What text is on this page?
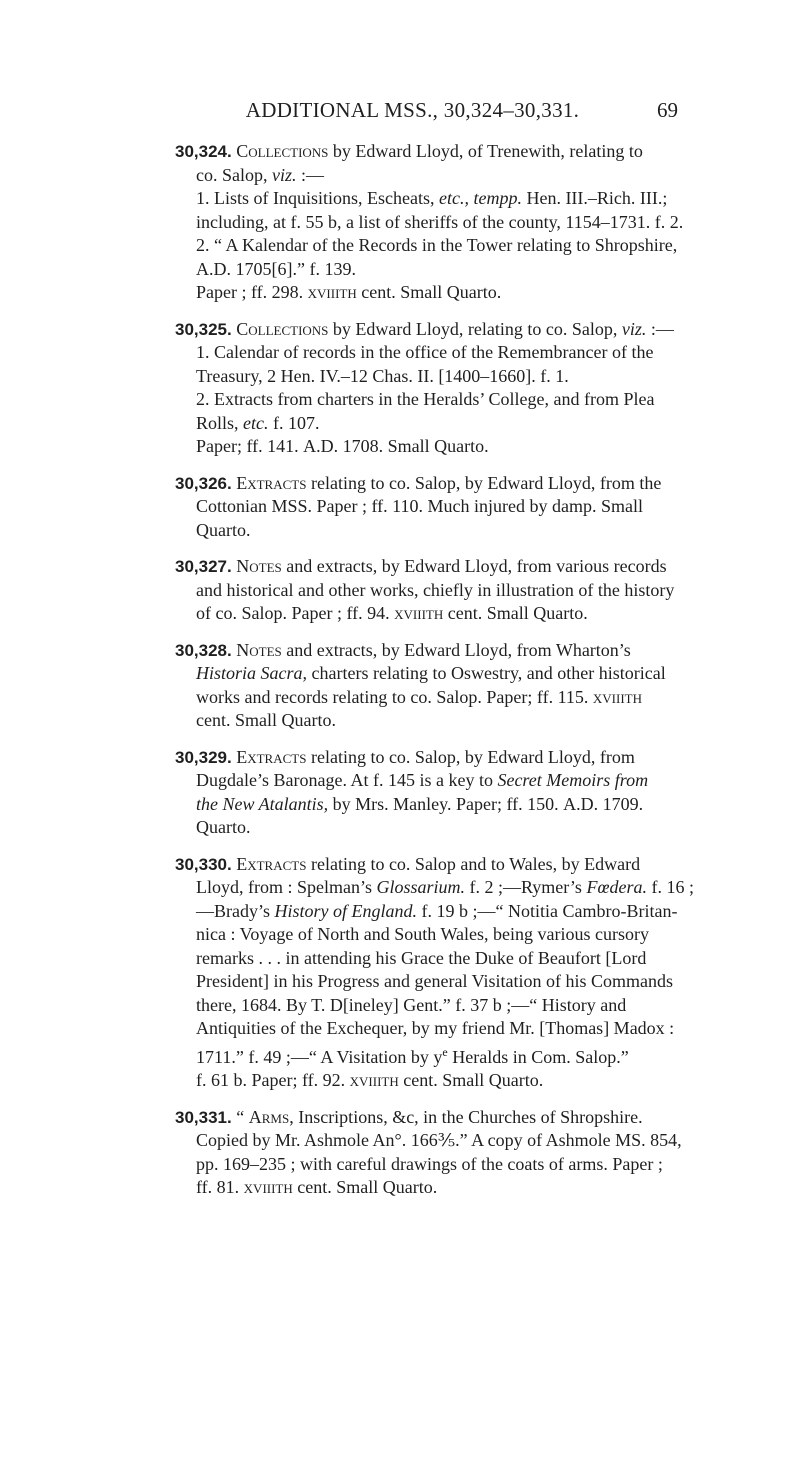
ADDITIONAL MSS., 30,324–30,331.	69
30,324. Collections by Edward Lloyd, of Trenewith, relating to
co. Salop, viz. :—
1. Lists of Inquisitions, Escheats, etc., tempp. Hen. III.–Rich. III.;
including, at f. 55 b, a list of sheriffs of the county, 1154–1731. f. 2.
2. “ A Kalendar of the Records in the Tower relating to Shropshire,
A.D. 1705[6].” f. 139.
Paper ; ff. 298. xviiith cent. Small Quarto.
30,325. Collections by Edward Lloyd, relating to co. Salop, viz. :—
1. Calendar of records in the office of the Remembrancer of the
Treasury, 2 Hen. IV.–12 Chas. II. [1400–1660]. f. 1.
2. Extracts from charters in the Heralds’ College, and from Plea
Rolls, etc. f. 107.
Paper; ff. 141. A.D. 1708. Small Quarto.
30,326. Extracts relating to co. Salop, by Edward Lloyd, from the
Cottonian MSS. Paper ; ff. 110. Much injured by damp. Small
Quarto.
30,327. Notes and extracts, by Edward Lloyd, from various records
and historical and other works, chiefly in illustration of the history
of co. Salop. Paper ; ff. 94. xviiith cent. Small Quarto.
30,328. Notes and extracts, by Edward Lloyd, from Wharton’s
Historia Sacra, charters relating to Oswestry, and other historical
works and records relating to co. Salop. Paper; ff. 115. xviiith
cent. Small Quarto.
30,329. Extracts relating to co. Salop, by Edward Lloyd, from
Dugdale’s Baronage. At f. 145 is a key to Secret Memoirs from
the New Atalantis, by Mrs. Manley. Paper; ff. 150. A.D. 1709.
Quarto.
30,330. Extracts relating to co. Salop and to Wales, by Edward
Lloyd, from : Spelman’s Glossarium. f. 2 ;—Rymer’s Fœdera. f. 16 ;
—Brady’s History of England. f. 19 b ;—“ Notitia Cambro-Britan-
nica : Voyage of North and South Wales, being various cursory
remarks . . . in attending his Grace the Duke of Beaufort [Lord
President] in his Progress and general Visitation of his Commands
there, 1684. By T. D[ineley] Gent.” f. 37 b ;—“ History and
Antiquities of the Exchequer, by my friend Mr. [Thomas] Madox :
1711.” f. 49 ;—“ A Visitation by $y^e$ Heralds in Com. Salop.”
f. 61 b. Paper; ff. 92. xviiith cent. Small Quarto.
30,331. “ Arms, Inscriptions, &c, in the Churches of Shropshire.
Copied by Mr. Ashmole An°. 166⅗.” A copy of Ashmole MS. 854,
pp. 169–235 ; with careful drawings of the coats of arms. Paper ;
ff. 81. xviiith cent. Small Quarto.
